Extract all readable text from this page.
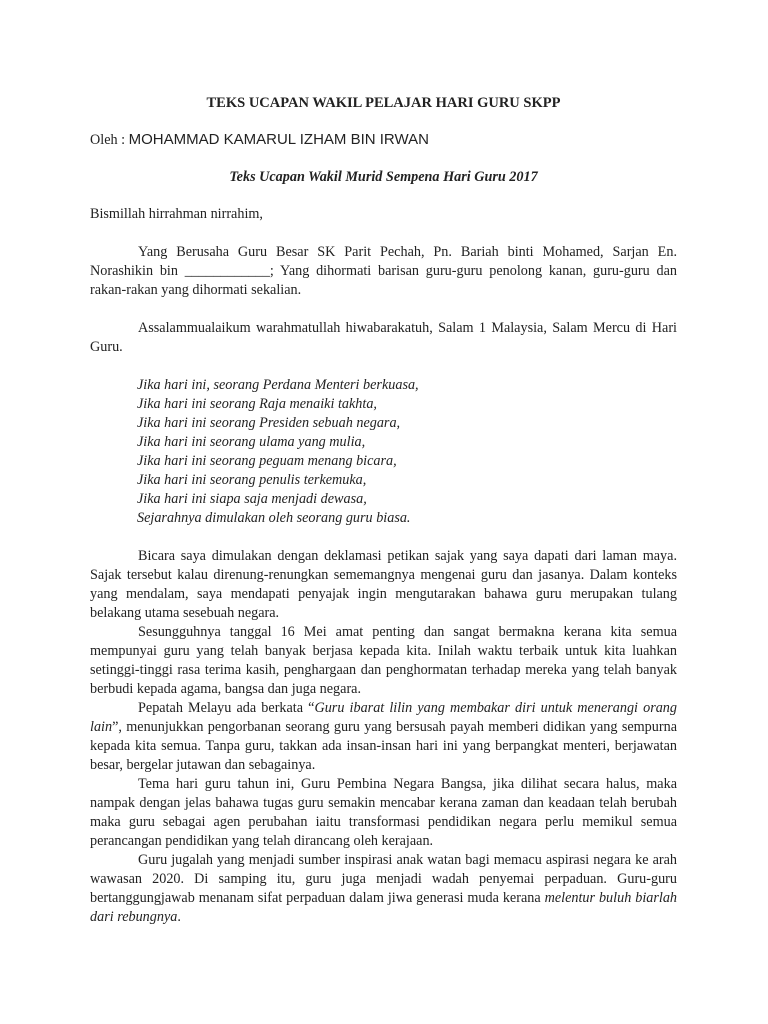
TEKS UCAPAN WAKIL PELAJAR HARI GURU SKPP
Oleh : MOHAMMAD KAMARUL IZHAM BIN IRWAN
Teks Ucapan Wakil Murid Sempena Hari Guru 2017

Bismillah hirrahman nirrahim,

Yang Berusaha Guru Besar SK Parit Pechah, Pn. Bariah binti Mohamed, Sarjan En. Norashikin bin ____________; Yang dihormati barisan guru-guru penolong kanan, guru-guru dan rakan-rakan yang dihormati sekalian.

Assalammualaikum warahmatullah hiwabarakatuh, Salam 1 Malaysia, Salam Mercu di Hari Guru.

Jika hari ini, seorang Perdana Menteri berkuasa,
Jika hari ini seorang Raja menaiki takhta,
Jika hari ini seorang Presiden sebuah negara,
Jika hari ini seorang ulama yang mulia,
Jika hari ini seorang peguam menang bicara,
Jika hari ini seorang penulis terkemuka,
Jika hari ini siapa saja menjadi dewasa,
Sejarahnya dimulakan oleh seorang guru biasa.

Bicara saya dimulakan dengan deklamasi petikan sajak yang saya dapati dari laman maya. Sajak tersebut kalau direnung-renungkan sememangnya mengenai guru dan jasanya. Dalam konteks yang mendalam, saya mendapati penyajak ingin mengutarakan bahawa guru merupakan tulang belakang utama sesebuah negara.

Sesungguhnya tanggal 16 Mei amat penting dan sangat bermakna kerana kita semua mempunyai guru yang telah banyak berjasa kepada kita. Inilah waktu terbaik untuk kita luahkan setinggi-tinggi rasa terima kasih, penghargaan dan penghormatan terhadap mereka yang telah banyak berbudi kepada agama, bangsa dan juga negara.

Pepatah Melayu ada berkata “Guru ibarat lilin yang membakar diri untuk menerangi orang lain”, menunjukkan pengorbanan seorang guru yang bersusah payah memberi didikan yang sempurna kepada kita semua. Tanpa guru, takkan ada insan-insan hari ini yang berpangkat menteri, berjawatan besar, bergelar jutawan dan sebagainya.

Tema hari guru tahun ini, Guru Pembina Negara Bangsa, jika dilihat secara halus, maka nampak dengan jelas bahawa tugas guru semakin mencabar kerana zaman dan keadaan telah berubah maka guru sebagai agen perubahan iaitu transformasi pendidikan negara perlu memikul semua perancangan pendidikan yang telah dirancang oleh kerajaan.

Guru jugalah yang menjadi sumber inspirasi anak watan bagi memacu aspirasi negara ke arah wawasan 2020. Di samping itu, guru juga menjadi wadah penyemai perpaduan. Guru-guru bertanggungjawab menanam sifat perpaduan dalam jiwa generasi muda kerana melentur buluh biarlah dari rebungnya.
